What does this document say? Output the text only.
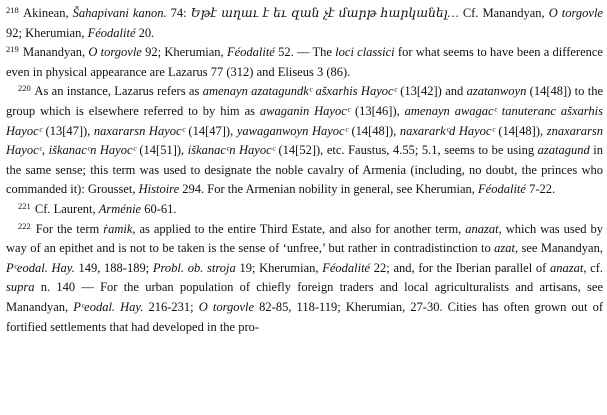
$^{218}$ Akinean, Šahapivani kanon. 74: Եթէ աղաւ է եւ զան չէ մարթ հարկանել… Cf. Manandyan, O torgovle 92; Kherumian, Féodalité 20.

$^{219}$ Manandyan, O torgovle 92; Kherumian, Féodalité 52. — The loci classici for what seems to have been a difference even in physical appearance are Lazarus 77 (312) and Eliseus 3 (86).

$^{220}$ As an instance, Lazarus refers as amenayn azatagundkᶜ ašxarhis Hayocᶜ (13[42]) and azatanwoyn (14[48]) to the group which is elsewhere referred to by him as awaganin Hayocᶜ (13[46]), amenayn awagacᶜ tanuteranc ašxarhis Hayocᶜ (13[47]), naxararsn Hayocᶜ (14[47]), yawaganwoyn Hayocᶜ (14[48]), naxararkᶜd Hayocᶜ (14[48]), znaxararsn Hayocᶜ, iškanacᶜn Hayocᶜ (14[51]), iškanacᶜn Hayocᶜ (14[52]), etc. Faustus, 4.55; 5.1, seems to be using azatagund in the same sense; this term was used to designate the noble cavalry of Armenia (including, no doubt, the princes who commanded it): Grousset, Histoire 294. For the Armenian nobility in general, see Kherumian, Féodalité 7-22.

$^{221}$ Cf. Laurent, Arménie 60-61.

$^{222}$ For the term ṙamik, as applied to the entire Third Estate, and also for another term, anazat, which was used by way of an epithet and is not to be taken is the sense of ‘unfree,’ but rather in contradistinction to azat, see Manandyan, Pᶜeodal. Hay. 149, 188-189; Probl. ob. stroja 19; Kherumian, Féodalité 22; and, for the Iberian parallel of anazat, cf. supra n. 140 — For the urban population of chiefly foreign traders and local agriculturalists and artisans, see Manandyan, Pᶜeodal. Hay. 216-231; O torgovle 82-85, 118-119; Kherumian, 27-30. Cities has often grown out of fortified settlements that had developed in the pro-
